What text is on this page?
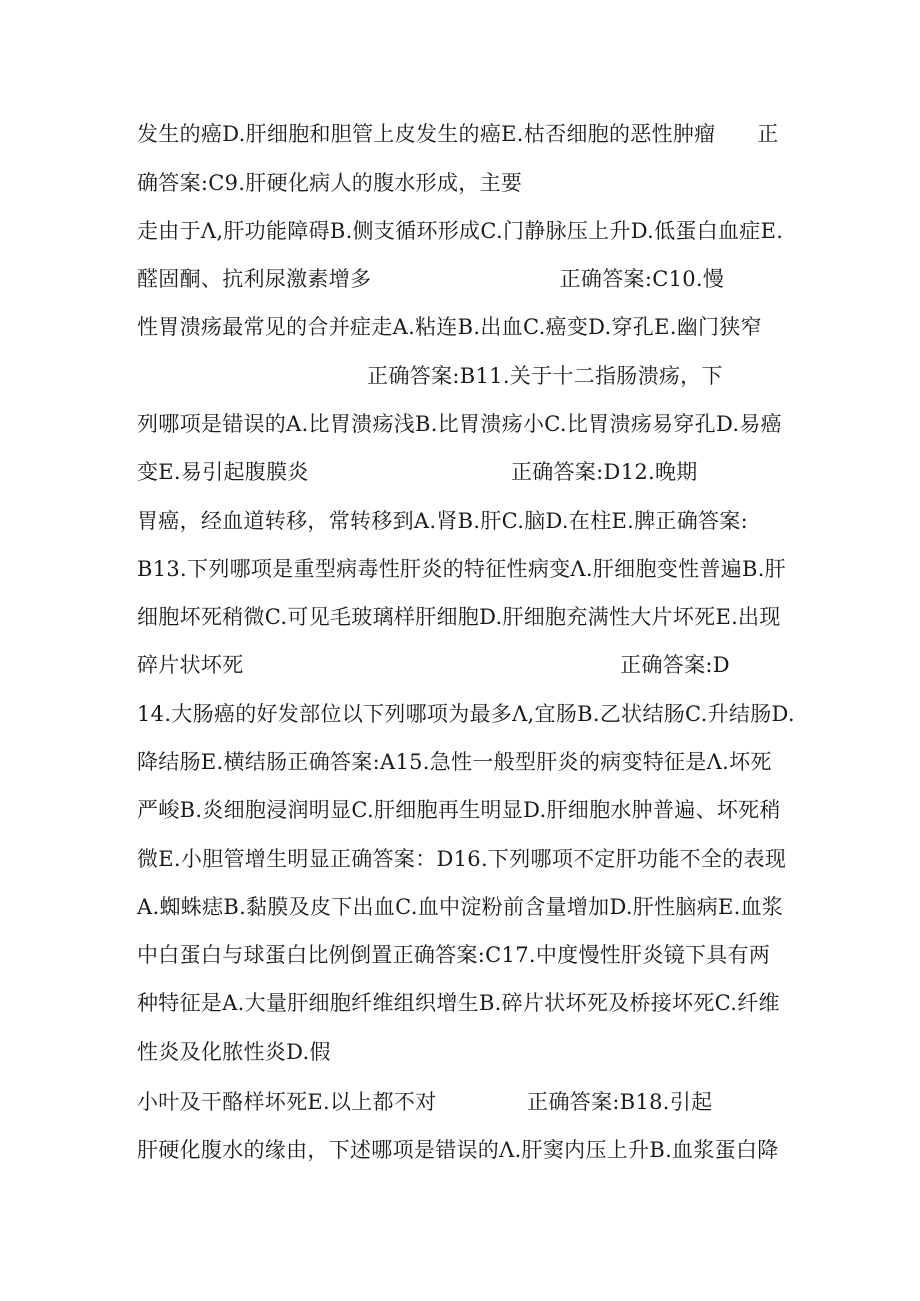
发生的癌D.肝细胞和胆管上皮发生的癌E.枯否细胞的恶性肿瘤      正
确答案:C9.肝硬化病人的腹水形成，主要
走由于Λ,肝功能障碍B.侧支循环形成C.门静脉压上升D.低蛋白血症E.
醛固酮、抗利尿激素增多                           正确答案:C10.慢
性胃溃疡最常见的合并症走A.粘连B.出血C.癌变D.穿孔E.幽门狭窄
正确答案:B11.关于十二指肠溃疡，下
列哪项是错误的A.比胃溃疡浅B.比胃溃疡小C.比胃溃疡易穿孔D.易癌
变E.易引起腹膜炎                             正确答案:D12.晚期
胃癌，经血道转移，常转移到A.肾B.肝C.脑D.在柱E.脾正确答案:
B13.下列哪项是重型病毒性肝炎的特征性病变Λ.肝细胞变性普遍B.肝
细胞坏死稍微C.可见毛玻璃样肝细胞D.肝细胞充满性大片坏死E.出现
碎片状坏死                                                      正确答案:D
14.大肠癌的好发部位以下列哪项为最多Λ,宜肠B.乙状结肠C.升结肠D.
降结肠E.横结肠正确答案:A15.急性一般型肝炎的病变特征是Λ.坏死
严峻B.炎细胞浸润明显C.肝细胞再生明显D.肝细胞水肿普遍、坏死稍
微E.小胆管增生明显正确答案：D16.下列哪项不定肝功能不全的表现
A.蜘蛛痣B.黏膜及皮下出血C.血中淀粉前含量增加D.肝性脑病E.血浆
中白蛋白与球蛋白比例倒置正确答案:C17.中度慢性肝炎镜下具有两
种特征是A.大量肝细胞纤维组织增生B.碎片状坏死及桥接坏死C.纤维
性炎及化脓性炎D.假
小叶及干酪样坏死E.以上都不对             正确答案:B18.引起
肝硬化腹水的缘由，下述哪项是错误的Λ.肝窦内压上升B.血浆蛋白降
